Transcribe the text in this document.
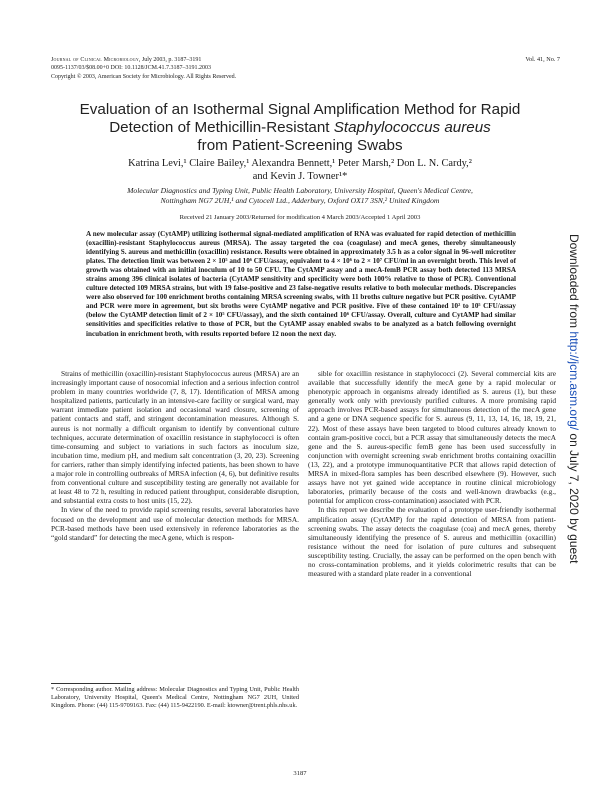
Journal of Clinical Microbiology, July 2003, p. 3187–3191
0095-1137/03/$08.00+0 DOI: 10.1128/JCM.41.7.3187–3191.2003
Copyright © 2003, American Society for Microbiology. All Rights Reserved.
Vol. 41, No. 7
Evaluation of an Isothermal Signal Amplification Method for Rapid
Detection of Methicillin-Resistant Staphylococcus aureus
from Patient-Screening Swabs
Katrina Levi,¹ Claire Bailey,¹ Alexandra Bennett,¹ Peter Marsh,² Don L. N. Cardy,²
and Kevin J. Towner¹*
Molecular Diagnostics and Typing Unit, Public Health Laboratory, University Hospital, Queen's Medical Centre,
Nottingham NG7 2UH,¹ and Cytocell Ltd., Adderbury, Oxford OX17 3SN,² United Kingdom
Received 21 January 2003/Returned for modification 4 March 2003/Accepted 1 April 2003
A new molecular assay (CytAMP) utilizing isothermal signal-mediated amplification of RNA was evaluated for rapid detection of methicillin (oxacillin)-resistant Staphylococcus aureus (MRSA). The assay targeted the coa (coagulase) and mecA genes, thereby simultaneously identifying S. aureus and methicillin (oxacillin) resistance. Results were obtained in approximately 3.5 h as a color signal in 96-well microtiter plates. The detection limit was between 2 × 10⁵ and 10⁶ CFU/assay, equivalent to 4 × 10⁶ to 2 × 10⁷ CFU/ml in an overnight broth. This level of growth was obtained with an initial inoculum of 10 to 50 CFU. The CytAMP assay and a mecA-femB PCR assay both detected 113 MRSA strains among 396 clinical isolates of bacteria (CytAMP sensitivity and specificity were both 100% relative to those of PCR). Conventional culture detected 109 MRSA strains, but with 19 false-positive and 23 false-negative results relative to both molecular methods. Discrepancies were also observed for 100 enrichment broths containing MRSA screening swabs, with 11 broths culture negative but PCR positive. CytAMP and PCR were more in agreement, but six broths were CytAMP negative and PCR positive. Five of these contained 10² to 10⁵ CFU/assay (below the CytAMP detection limit of 2 × 10⁵ CFU/assay), and the sixth contained 10⁶ CFU/assay. Overall, culture and CytAMP had similar sensitivities and specificities relative to those of PCR, but the CytAMP assay enabled swabs to be analyzed as a batch following overnight incubation in enrichment broth, with results reported before 12 noon the next day.

Strains of methicillin (oxacillin)-resistant Staphylococcus aureus (MRSA) are an increasingly important cause of nosocomial infection and a serious infection control problem in many countries worldwide (7, 8, 17). Identification of MRSA among hospitalized patients, particularly in an intensive-care facility or surgical ward, may warrant immediate patient isolation and occasional ward closure, screening of patient contacts and staff, and stringent decontamination measures. Although S. aureus is not normally a difficult organism to identify by conventional culture techniques, accurate determination of oxacillin resistance in staphylococci is often time-consuming and subject to variations in such factors as inoculum size, incubation time, medium pH, and medium salt concentration (3, 20, 23). Screening for carriers, rather than simply identifying infected patients, has been shown to have a major role in controlling outbreaks of MRSA infection (4, 6), but definitive results from conventional culture and susceptibility testing are generally not available for at least 48 to 72 h, resulting in reduced patient throughput, considerable disruption, and substantial extra costs to host units (15, 22).

In view of the need to provide rapid screening results, several laboratories have focused on the development and use of molecular detection methods for MRSA. PCR-based methods have been used extensively in reference laboratories as the “gold standard” for detecting the mecA gene, which is respon-

sible for oxacillin resistance in staphylococci (2). Several commercial kits are available that successfully identify the mecA gene by a rapid molecular or phenotypic approach in organisms already identified as S. aureus (1), but these generally work only with previously purified cultures. A more promising rapid approach involves PCR-based assays for simultaneous detection of the mecA gene and a gene or DNA sequence specific for S. aureus (9, 11, 13, 14, 16, 18, 19, 21, 22). Most of these assays have been targeted to blood cultures already known to contain gram-positive cocci, but a PCR assay that simultaneously detects the mecA gene and the S. aureus-specific femB gene has been used successfully in conjunction with overnight screening swab enrichment broths containing oxacillin (13, 22), and a prototype immunoquantitative PCR that allows rapid detection of MRSA in mixed-flora samples has been described elsewhere (9). However, such assays have not yet gained wide acceptance in routine clinical microbiology laboratories, primarily because of the costs and well-known drawbacks (e.g., potential for amplicon cross-contamination) associated with PCR.

In this report we describe the evaluation of a prototype user-friendly isothermal amplification assay (CytAMP) for the rapid detection of MRSA from patient-screening swabs. The assay detects the coagulase (coa) and mecA genes, thereby simultaneously identifying the presence of S. aureus and methicillin (oxacillin) resistance without the need for isolation of pure cultures and subsequent susceptibility testing. Crucially, the assay can be performed on the open bench with no cross-contamination problems, and it yields colorimetric results that can be measured with a standard plate reader in a conventional

* Corresponding author. Mailing address: Molecular Diagnostics and Typing Unit, Public Health Laboratory, University Hospital, Queen's Medical Centre, Nottingham NG7 2UH, United Kingdom. Phone: (44) 115-9709163. Fax: (44) 115-9422190. E-mail: ktowner@trent.phls.nhs.uk.
3187
Downloaded from http://jcm.asm.org/ on July 7, 2020 by guest
